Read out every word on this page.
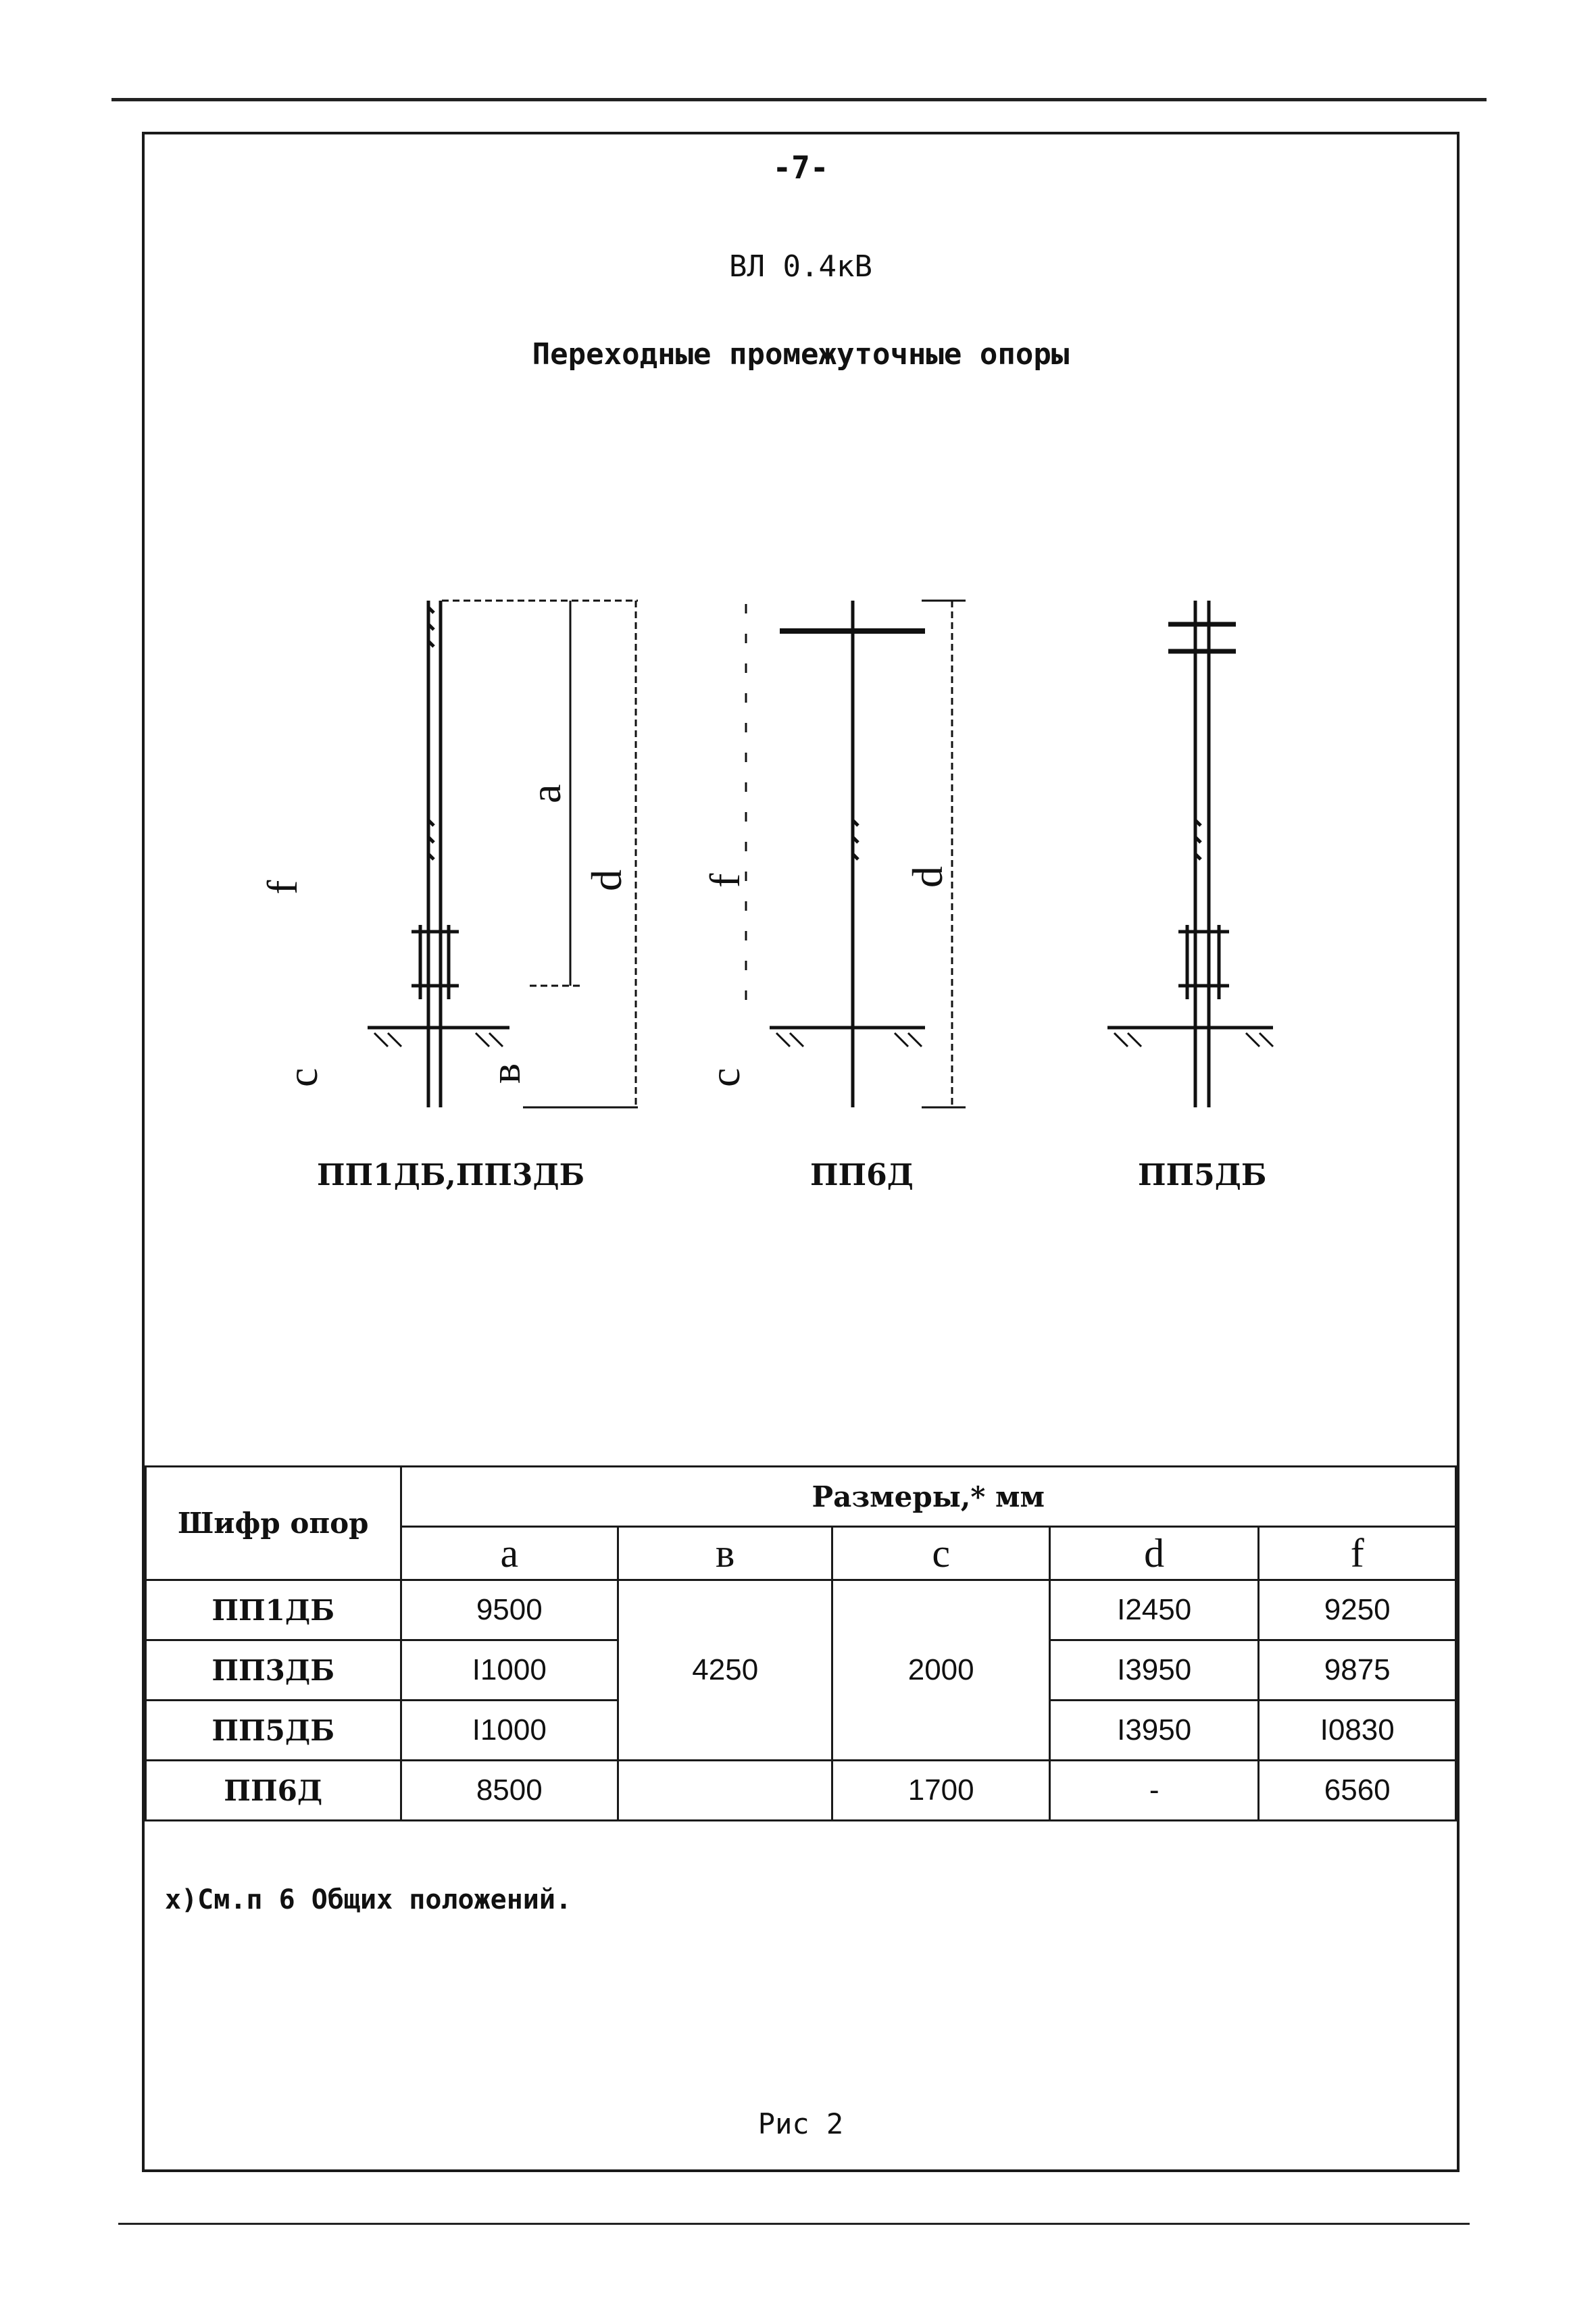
-7-
ВЛ 0.4кВ
Переходные промежуточные опоры
f
a
d
с	в
f	d
с
ПП1ДБ,ПП3ДБ	ПП6Д	ПП5ДБ
Шифр опор	Размеры,* мм				
	a	в	с	d	f
ПП1ДБ	9500	4250	2000	I2450	9250
ПП3ДБ	I1000			I3950	9875
ПП5ДБ	I1000			I3950	I0830
ПП6Д	8500		1700	-	6560
х)См.п 6 Общих положений.
Рис 2
